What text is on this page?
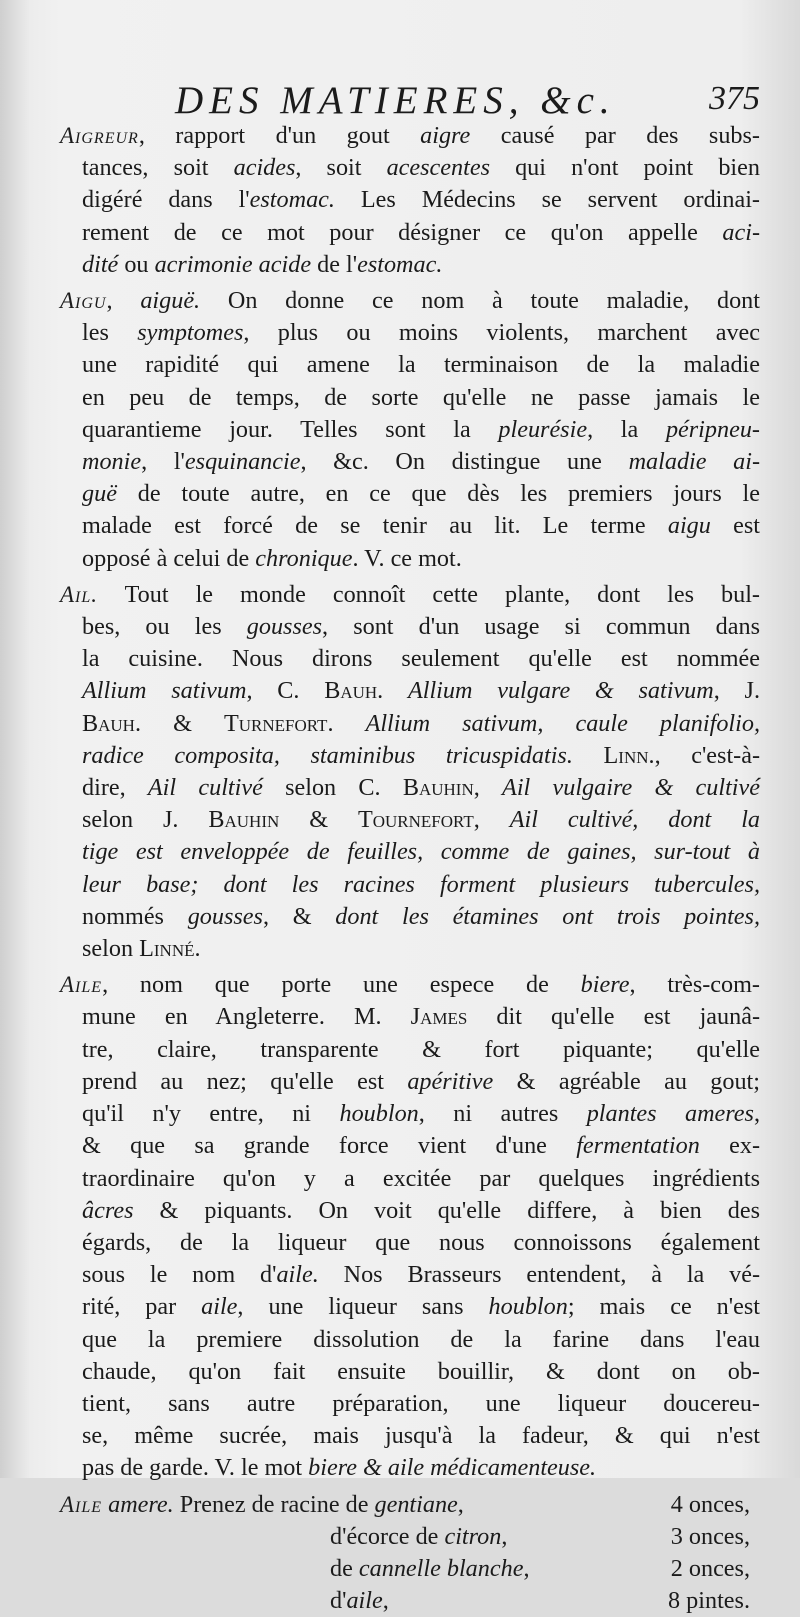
DES MATIERES, &c.	375
Aigreur, rapport d'un gout aigre causé par des subs-
tances, soit acides, soit acescentes qui n'ont point bien
digéré dans l'estomac. Les Médecins se servent ordinai-
rement de ce mot pour désigner ce qu'on appelle aci-
dité ou acrimonie acide de l'estomac.
Aigu, aiguë. On donne ce nom à toute maladie, dont
les symptomes, plus ou moins violents, marchent avec
une rapidité qui amene la terminaison de la maladie
en peu de temps, de sorte qu'elle ne passe jamais le
quarantieme jour. Telles sont la pleurésie, la péripneu-
monie, l'esquinancie, &c. On distingue une maladie ai-
guë de toute autre, en ce que dès les premiers jours le
malade est forcé de se tenir au lit. Le terme aigu est
opposé à celui de chronique. V. ce mot.
Ail. Tout le monde connoît cette plante, dont les bul-
bes, ou les gousses, sont d'un usage si commun dans
la cuisine. Nous dirons seulement qu'elle est nommée
Allium sativum, C. Bauh. Allium vulgare & sativum, J.
Bauh. & Turnefort. Allium sativum, caule planifolio,
radice composita, staminibus tricuspidatis. Linn., c'est-à-
dire, Ail cultivé selon C. Bauhin, Ail vulgaire & cultivé
selon J. Bauhin & Tournefort, Ail cultivé, dont la
tige est enveloppée de feuilles, comme de gaines, sur-tout à
leur base; dont les racines forment plusieurs tubercules,
nommés gousses, & dont les étamines ont trois pointes,
selon Linné.
Aile, nom que porte une espece de biere, très-com-
mune en Angleterre. M. James dit qu'elle est jaunâ-
tre, claire, transparente & fort piquante; qu'elle
prend au nez; qu'elle est apéritive & agréable au gout;
qu'il n'y entre, ni houblon, ni autres plantes ameres,
& que sa grande force vient d'une fermentation ex-
traordinaire qu'on y a excitée par quelques ingrédients
âcres & piquants. On voit qu'elle differe, à bien des
égards, de la liqueur que nous connoissons également
sous le nom d'aile. Nos Brasseurs entendent, à la vé-
rité, par aile, une liqueur sans houblon; mais ce n'est
que la premiere dissolution de la farine dans l'eau
chaude, qu'on fait ensuite bouillir, & dont on ob-
tient, sans autre préparation, une liqueur doucereu-
se, même sucrée, mais jusqu'à la fadeur, & qui n'est
pas de garde. V. le mot biere & aile médicamenteuse.
Aile amere. Prenez de racine de gentiane,	4 onces,
d'écorce de citron,	3 onces,
de cannelle blanche,	2 onces,
d'aile,	8 pintes.
